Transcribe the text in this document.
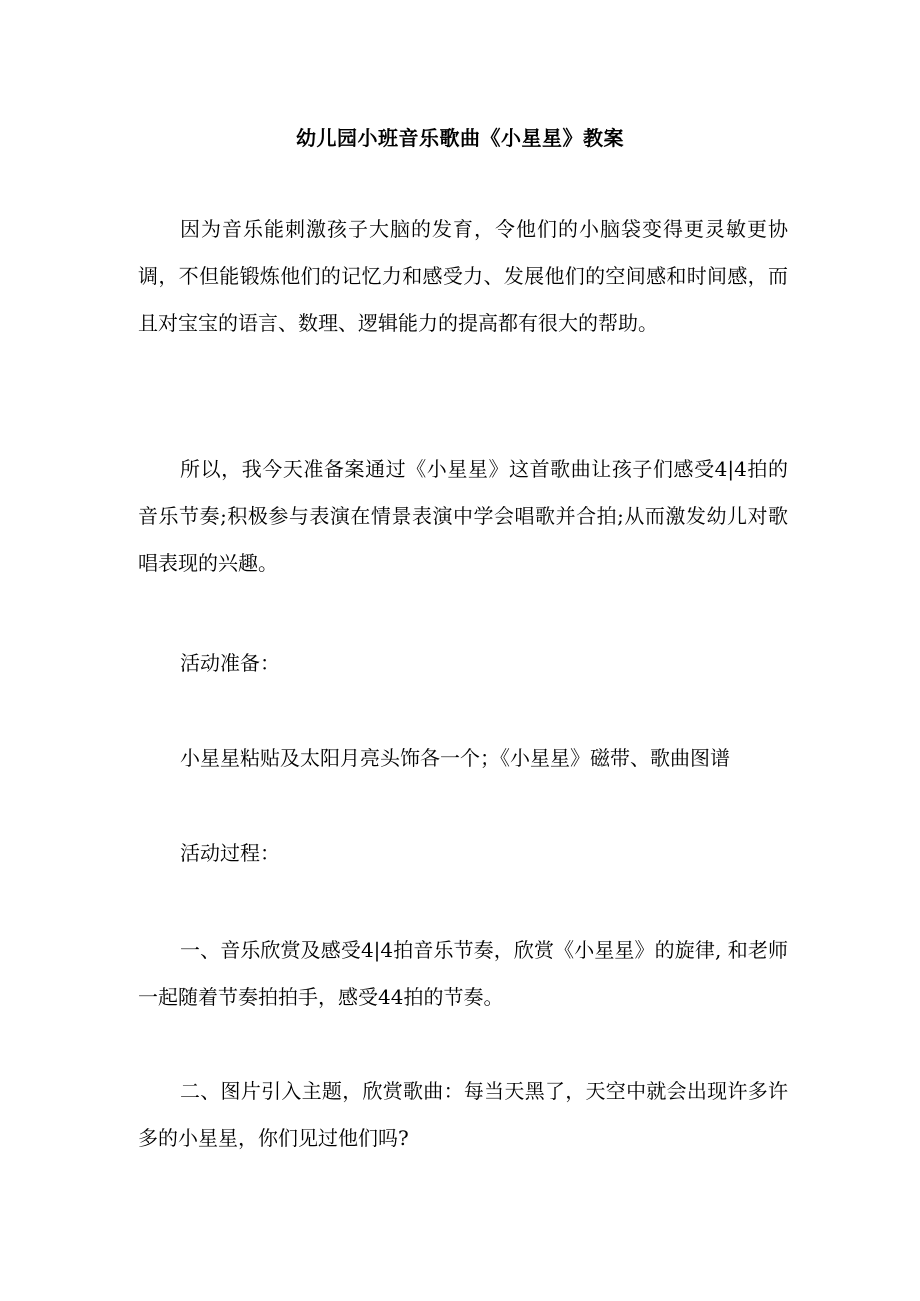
幼儿园小班音乐歌曲《小星星》教案

因为音乐能刺激孩子大脑的发育，令他们的小脑袋变得更灵敏更协调，不但能锻炼他们的记忆力和感受力、发展他们的空间感和时间感，而且对宝宝的语言、数理、逻辑能力的提高都有很大的帮助。

所以，我今天准备案通过《小星星》这首歌曲让孩子们感受4|4拍的音乐节奏;积极参与表演在情景表演中学会唱歌并合拍;从而激发幼儿对歌唱表现的兴趣。

活动准备：

小星星粘贴及太阳月亮头饰各一个；《小星星》磁带、歌曲图谱

活动过程：

一、音乐欣赏及感受4|4拍音乐节奏，欣赏《小星星》的旋律, 和老师一起随着节奏拍拍手，感受44拍的节奏。

二、图片引入主题，欣赏歌曲：每当天黑了，天空中就会出现许多许多的小星星，你们见过他们吗?
